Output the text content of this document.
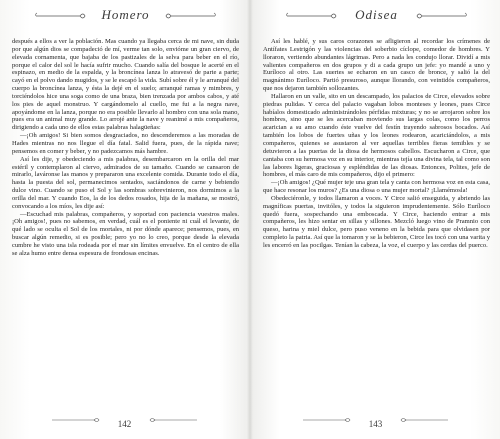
$_{Homero}$

después a ellos a ver la población. Mas cuando ya llegaba cerca de mi nave, sin duda por que algún dios se compadeció de mí, verme tan solo, envióme un gran ciervo, de elevada cornamenta, que bajaba de los pastizales de la selva para beber en el río, porque el calor del sol le hacía sufrir mucho. Cuando salía del bosque le acerté en el espinazo, en medio de la espalda, y la broncínea lanza lo atravesó de parte a parte; cayó en el polvo dando mugidos, y se le escapó la vida. Subí sobre él y le arranqué del cuerpo la broncínea lanza, y ésta la dejé en el suelo; arranqué ramas y mimbres, y torciéndolos hice una soga como de una braza, bien trenzada por ambos cabos, y até los pies de aquel monstruo. Y cargándomelo al cuello, me fui a la negra nave, apoyándome en la lanza, porque no era posible llevarlo al hombro con una sola mano, pues era un animal muy grande. Lo arrojé ante la nave y reanimé a mis compañeros, dirigiendo a cada uno de ellos estas palabras halagüeñas:

—¡Oh amigos! Si bien somos desgraciados, no descenderemos a las moradas de Hades mientras no nos llegue el día fatal. Salid fuera, pues, de la rápida nave; pensemos en comer y beber, y no padezcamos más hambre.

Así les dije, y obedeciendo a mis palabras, desembarcaron en la orilla del mar estéril y contemplaron al ciervo, admirados de su tamaño. Cuando se cansaron de mirarlo, laváronse las manos y prepararon una excelente comida. Durante todo el día, hasta la puesta del sol, permanecimos sentados, saciándonos de carne y bebiendo dulce vino. Cuando se puso el Sol y las sombras sobrevinieron, nos dormimos a la orilla del mar. Y cuando Eos, la de los dedos rosados, hija de la mañana, se mostró, convocando a los míos, les dije así:

—Escuchad mis palabras, compañeros, y soportad con paciencia vuestros males. ¡Oh amigos!, pues no sabemos, en verdad, cuál es el poniente ni cuál el levante, de qué lado se oculta el Sol de los mortales, ni por dónde aparece; pensemos, pues, en buscar algún remedio, si es posible; pero yo no lo creo, porque desde la elevada cumbre he visto una isla rodeada por el mar sin límites envuelve. En el centro de ella se alza humo entre densa espesura de frondosas encinas.

142
$_{Odisea}$

Así les hablé, y sus caros corazones se afligieron al recordar los crímenes de Antífates Lestrigón y las violencias del soberbio cíclope, comedor de hombres. Y lloraron, vertiendo abundantes lágrimas. Pero a nada les condujo llorar. Dividí a mis valientes compañeros en dos grupos y di a cada grupo un jefe: yo mandé a uno y Euríloco al otro. Las suertes se echaron en un casco de bronce, y salió la del magnánimo Euríloco. Partió presuroso, aunque llorando, con veintidós compañeros, que nos dejaron también sollozantes.

Hallaron en un valle, sito en un descampado, los palacios de Circe, elevados sobre piedras pulidas. Y cerca del palacio vagaban lobos monteses y leones, pues Circe habíalos domesticado administrándoles pérfidas mixturas; y no se arrojaron sobre los hombres, sino que se les acercaban moviendo sus largas colas, como los perros acarician a su amo cuando éste vuelve del festín trayendo sabrosos bocados. Así también los lobos de fuertes uñas y los leones rodearon, acariciándolos, a mis compañeros, quienes se asustaron al ver aquellas terribles fieras temibles y se detuvieron a las puertas de la diosa de hermosos cabellos. Escucharon a Circe, que cantaba con su hermosa voz en su interior, mientras tejía una divina tela, tal como son las labores ligeras, graciosas y espléndidas de las diosas. Entonces, Polites, jefe de hombres, el más caro de mis compañeros, dijo el primero:

—¡Oh amigos! ¿Qué mujer teje una gran tela y canta con hermosa voz en esta casa, que hace resonar los muros? ¿Es una diosa o una mujer mortal? ¡Llamémosla!

Obedeciéronle, y todos llamaron a voces. Y Circe salió enseguida, y abriendo las magníficas puertas, invitóles, y todos la siguieron imprudentemente. Sólo Euríloco quedó fuera, sospechando una emboscada. Y Circe, haciendo entrar a mis compañeros, les hizo sentar en sillas y sillones. Mezcló luego vino de Pramnio con queso, harina y miel dulce, pero puso veneno en la bebida para que olvidasen por completo la patria. Así que la tomaron y se la bebieron, Circe les tocó con una varita y les encerró en las pocilgas. Tenían la cabeza, la voz, el cuerpo y las cerdas del puerco.

143
